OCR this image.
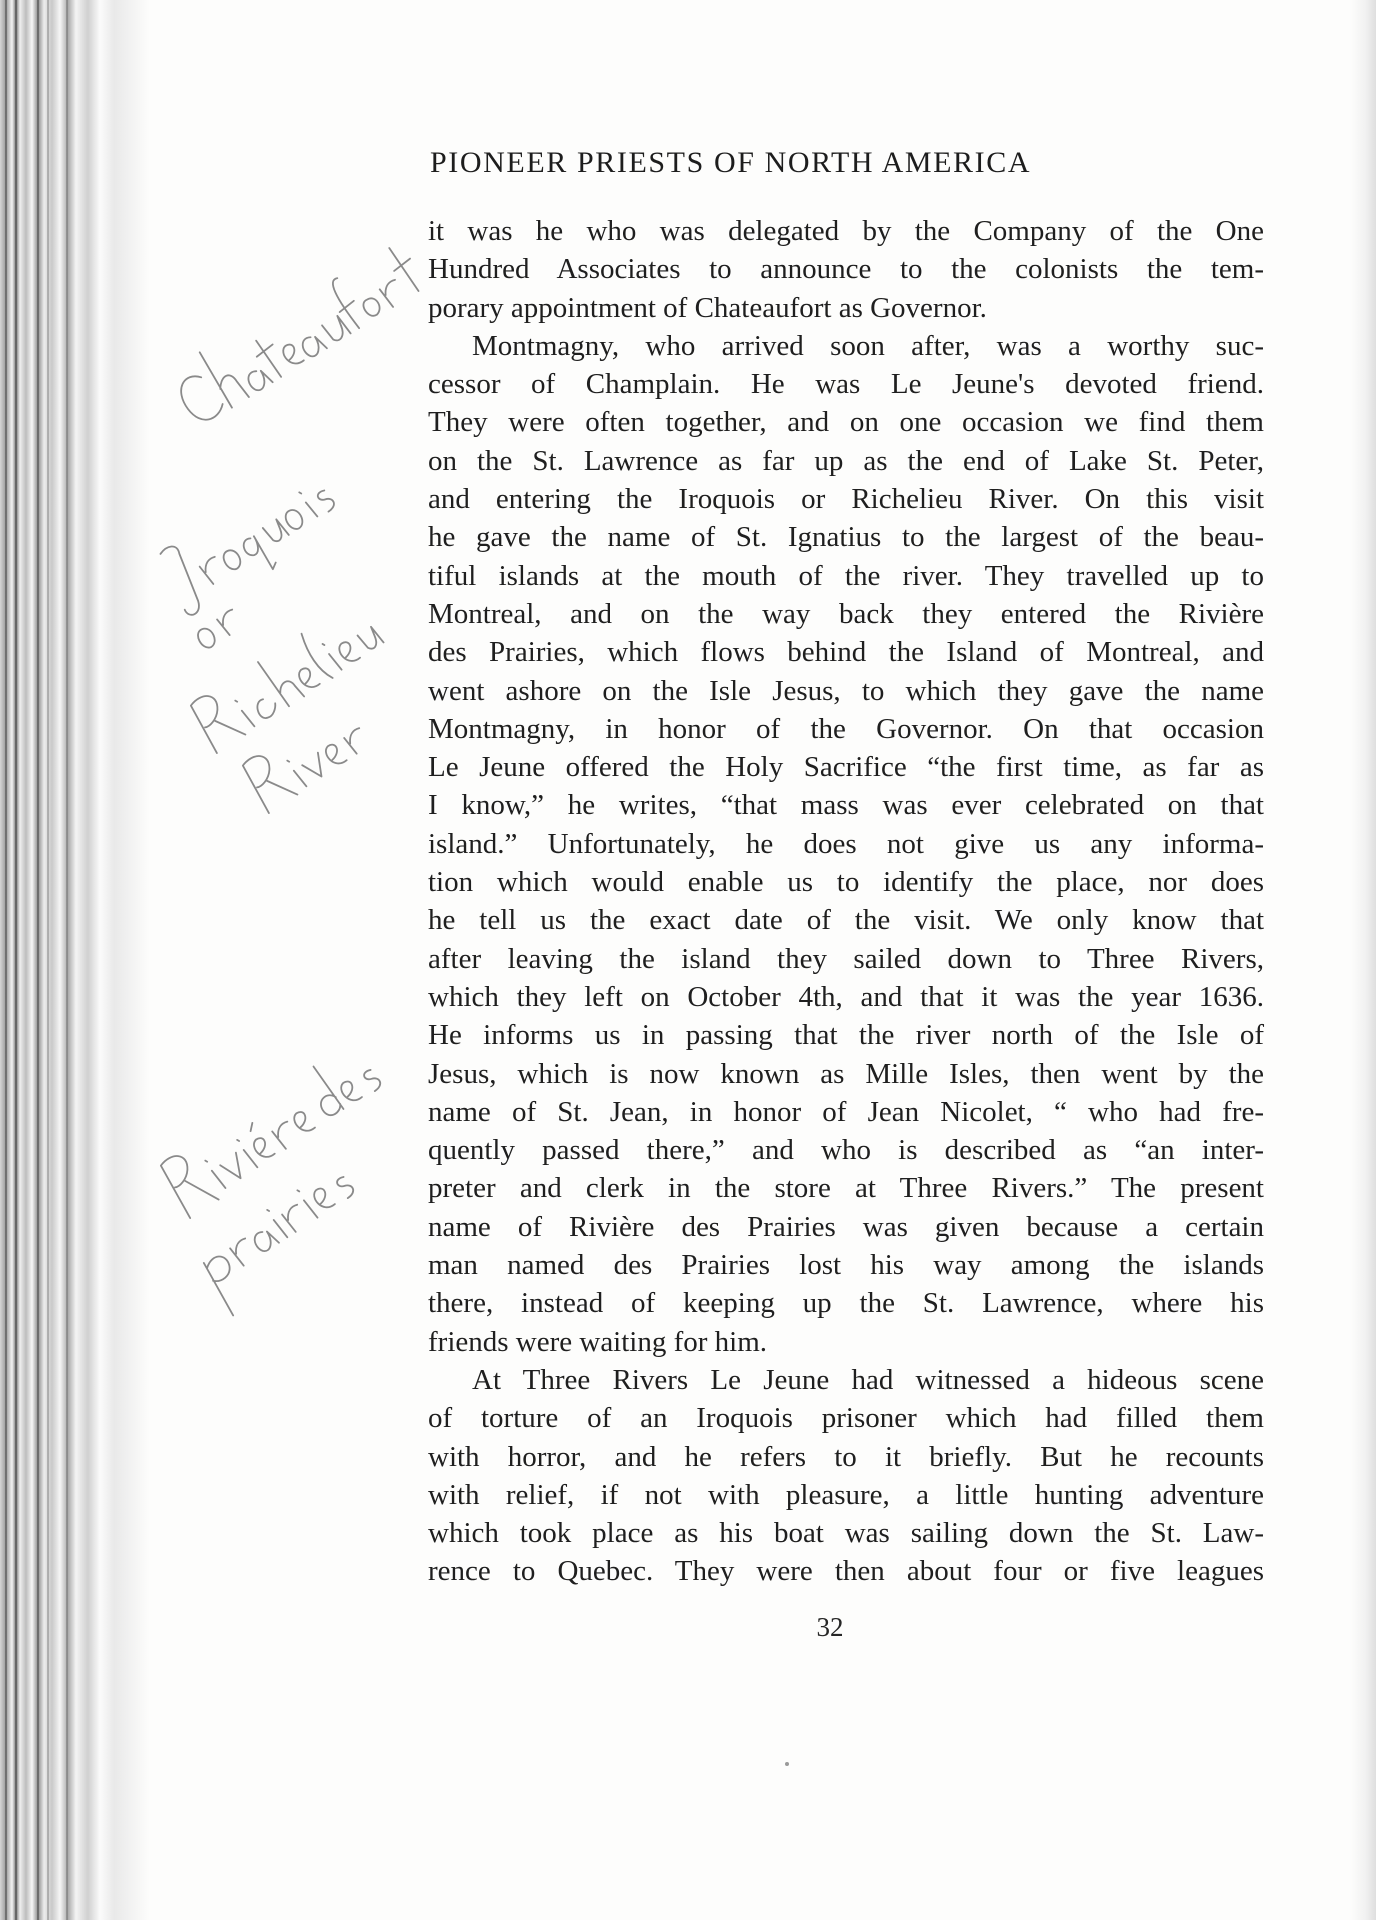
PIONEER PRIESTS OF NORTH AMERICA
it was he who was delegated by the Company of the One
Hundred Associates to announce to the colonists the tem-
porary appointment of Chateaufort as Governor.
Montmagny, who arrived soon after, was a worthy suc-
cessor of Champlain. He was Le Jeune's devoted friend.
They were often together, and on one occasion we find them
on the St. Lawrence as far up as the end of Lake St. Peter,
and entering the Iroquois or Richelieu River. On this visit
he gave the name of St. Ignatius to the largest of the beau-
tiful islands at the mouth of the river. They travelled up to
Montreal, and on the way back they entered the Rivière
des Prairies, which flows behind the Island of Montreal, and
went ashore on the Isle Jesus, to which they gave the name
Montmagny, in honor of the Governor. On that occasion
Le Jeune offered the Holy Sacrifice “the first time, as far as
I know,” he writes, “that mass was ever celebrated on that
island.” Unfortunately, he does not give us any informa-
tion which would enable us to identify the place, nor does
he tell us the exact date of the visit. We only know that
after leaving the island they sailed down to Three Rivers,
which they left on October 4th, and that it was the year 1636.
He informs us in passing that the river north of the Isle of
Jesus, which is now known as Mille Isles, then went by the
name of St. Jean, in honor of Jean Nicolet, “ who had fre-
quently passed there,” and who is described as “an inter-
preter and clerk in the store at Three Rivers.” The present
name of Rivière des Prairies was given because a certain
man named des Prairies lost his way among the islands
there, instead of keeping up the St. Lawrence, where his
friends were waiting for him.
At Three Rivers Le Jeune had witnessed a hideous scene
of torture of an Iroquois prisoner which had filled them
with horror, and he refers to it briefly. But he recounts
with relief, if not with pleasure, a little hunting adventure
which took place as his boat was sailing down the St. Law-
rence to Quebec. They were then about four or five leagues
32
